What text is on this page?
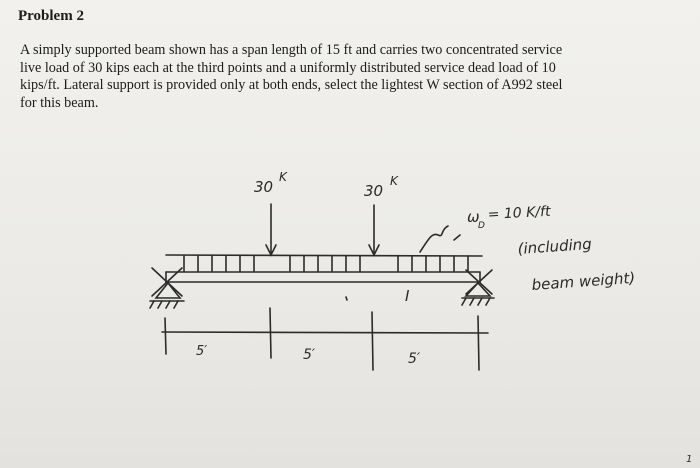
Problem 2
A simply supported beam shown has a span length of 15 ft and carries two concentrated service
live load of 30 kips each at the third points and a uniformly distributed service dead load of 10
kips/ft. Lateral support is provided only at both ends, select the lightest W section of A992 steel
for this beam.
30
K
30
K
ω
D
= 10 K/ft
(including
beam weight)
I
5′	5′	5′
1
